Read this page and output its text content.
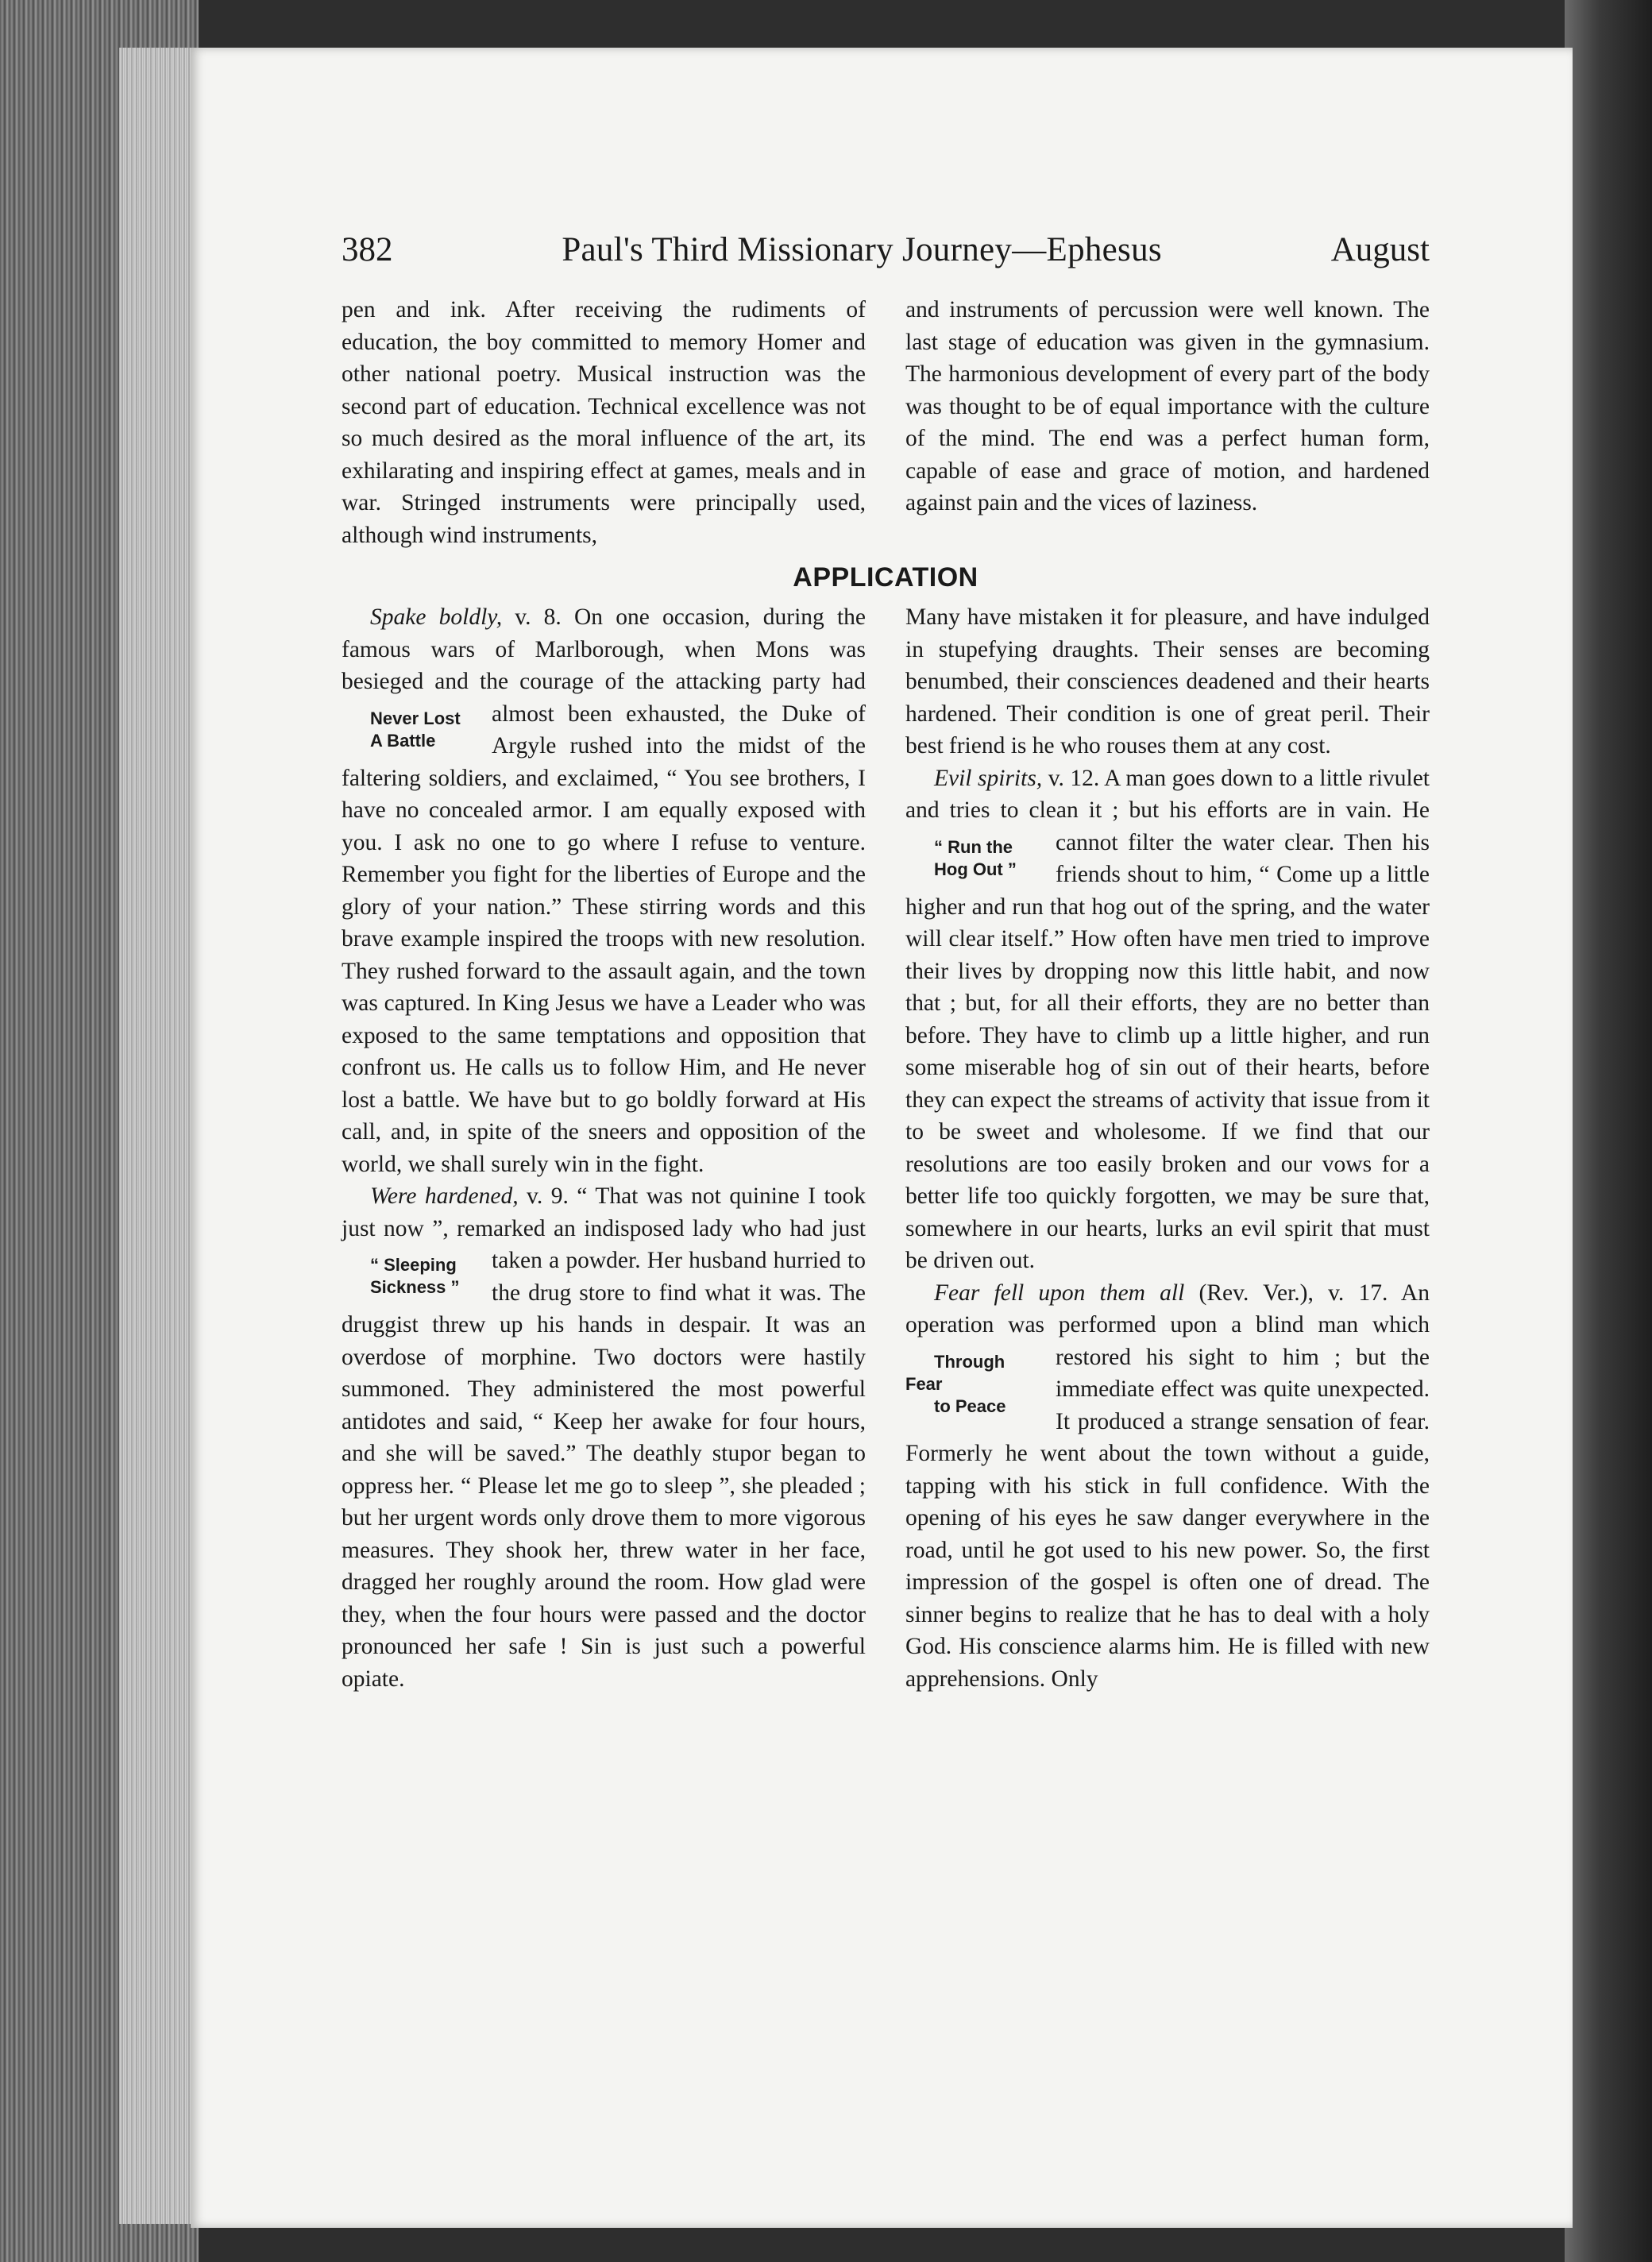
382	Paul's Third Missionary Journey—Ephesus	August

pen and ink. After receiving the rudiments of education, the boy committed to memory Homer and other national poetry. Musical instruction was the second part of education. Technical excellence was not so much desired as the moral influence of the art, its exhilarating and inspiring effect at games, meals and in war. Stringed instruments were principally used, although wind instruments,

and instruments of percussion were well known. The last stage of education was given in the gymnasium. The harmonious development of every part of the body was thought to be of equal importance with the culture of the mind. The end was a perfect human form, capable of ease and grace of motion, and hardened against pain and the vices of laziness.

APPLICATION

Spake boldly, v. 8. On one occasion, during the famous wars of Marlborough, when Mons was besieged and the courage of the attacking
Never Lost
A Battle
party had almost been exhausted, the Duke of Argyle rushed into the midst of the faltering soldiers, and exclaimed, “ You see brothers, I have no concealed armor. I am equally exposed with you. I ask no one to go where I refuse to venture. Remember you fight for the liberties of Europe and the glory of your nation.” These stirring words and this brave example inspired the troops with new resolution. They rushed forward to the assault again, and the town was captured. In King Jesus we have a Leader who was exposed to the same temptations and opposition that confront us. He calls us to follow Him, and He never lost a battle. We have but to go boldly forward at His call, and, in spite of the sneers and opposition of the world, we shall surely win in the fight.

Were hardened, v. 9. “ That was not quinine I took just now ”, remarked an indisposed lady who had just taken a powder.
“ Sleeping
Sickness ”
Her husband hurried to the drug store to find what it was. The druggist threw up his hands in despair. It was an overdose of morphine. Two doctors were hastily summoned. They administered the most powerful antidotes and said, “ Keep her awake for four hours, and she will be saved.” The deathly stupor began to oppress her. “ Please let me go to sleep ”, she pleaded ; but her urgent words only drove them to more vigorous measures. They shook her, threw water in her face, dragged her roughly around the room. How glad were they, when the four hours were passed and the doctor pronounced her safe ! Sin is just such a powerful opiate.

Many have mistaken it for pleasure, and have indulged in stupefying draughts. Their senses are becoming benumbed, their consciences deadened and their hearts hardened. Their condition is one of great peril. Their best friend is he who rouses them at any cost.

Evil spirits, v. 12. A man goes down to a little rivulet and tries to clean it ; but his efforts are in vain. He cannot filter the
“ Run the
Hog Out ”
water clear. Then his friends shout to him, “ Come up a little higher and run that hog out of the spring, and the water will clear itself.” How often have men tried to improve their lives by dropping now this little habit, and now that ; but, for all their efforts, they are no better than before. They have to climb up a little higher, and run some miserable hog of sin out of their hearts, before they can expect the streams of activity that issue from it to be sweet and wholesome. If we find that our resolutions are too easily broken and our vows for a better life too quickly forgotten, we may be sure that, somewhere in our hearts, lurks an evil spirit that must be driven out.

Fear fell upon them all (Rev. Ver.), v. 17. An operation was performed upon a blind man which restored his sight to him ; but
Through Fear
to Peace
the immediate effect was quite unexpected. It produced a strange sensation of fear. Formerly he went about the town without a guide, tapping with his stick in full confidence. With the opening of his eyes he saw danger everywhere in the road, until he got used to his new power. So, the first impression of the gospel is often one of dread. The sinner begins to realize that he has to deal with a holy God. His conscience alarms him. He is filled with new apprehensions. Only
